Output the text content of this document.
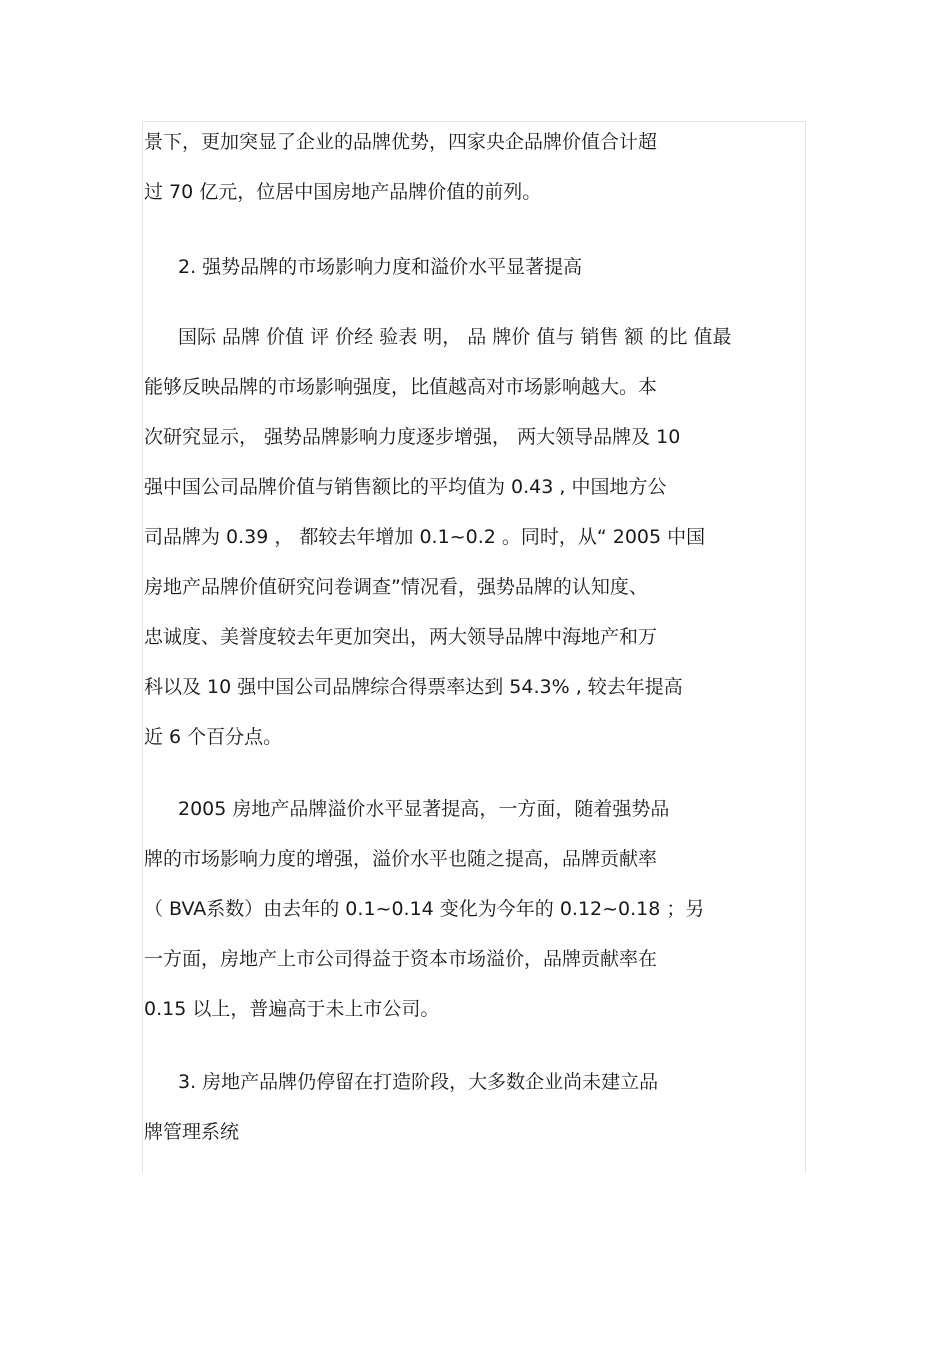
景下，更加突显了企业的品牌优势，四家央企品牌价值合计超

过 70 亿元，位居中国房地产品牌价值的前列。

2. 强势品牌的市场影响力度和溢价水平显著提高

国际 品牌 价值 评 价经 验表 明， 品 牌价 值与 销售 额 的比 值最

能够反映品牌的市场影响强度，比值越高对市场影响越大。本

次研究显示， 强势品牌影响力度逐步增强， 两大领导品牌及 10

强中国公司品牌价值与销售额比的平均值为 0.43 , 中国地方公

司品牌为 0.39 ， 都较去年增加 0.1~0.2 。同时，从“ 2005 中国

房地产品牌价值研究问卷调查”情况看，强势品牌的认知度、

忠诚度、美誉度较去年更加突出，两大领导品牌中海地产和万

科以及 10 强中国公司品牌综合得票率达到 54.3% , 较去年提高

近 6 个百分点。

2005 房地产品牌溢价水平显著提高，一方面，随着强势品

牌的市场影响力度的增强，溢价水平也随之提高，品牌贡献率

（ BVA系数）由去年的 0.1~0.14 变化为今年的 0.12~0.18 ；另

一方面，房地产上市公司得益于资本市场溢价，品牌贡献率在

0.15 以上，普遍高于未上市公司。

3. 房地产品牌仍停留在打造阶段，大多数企业尚未建立品

牌管理系统
